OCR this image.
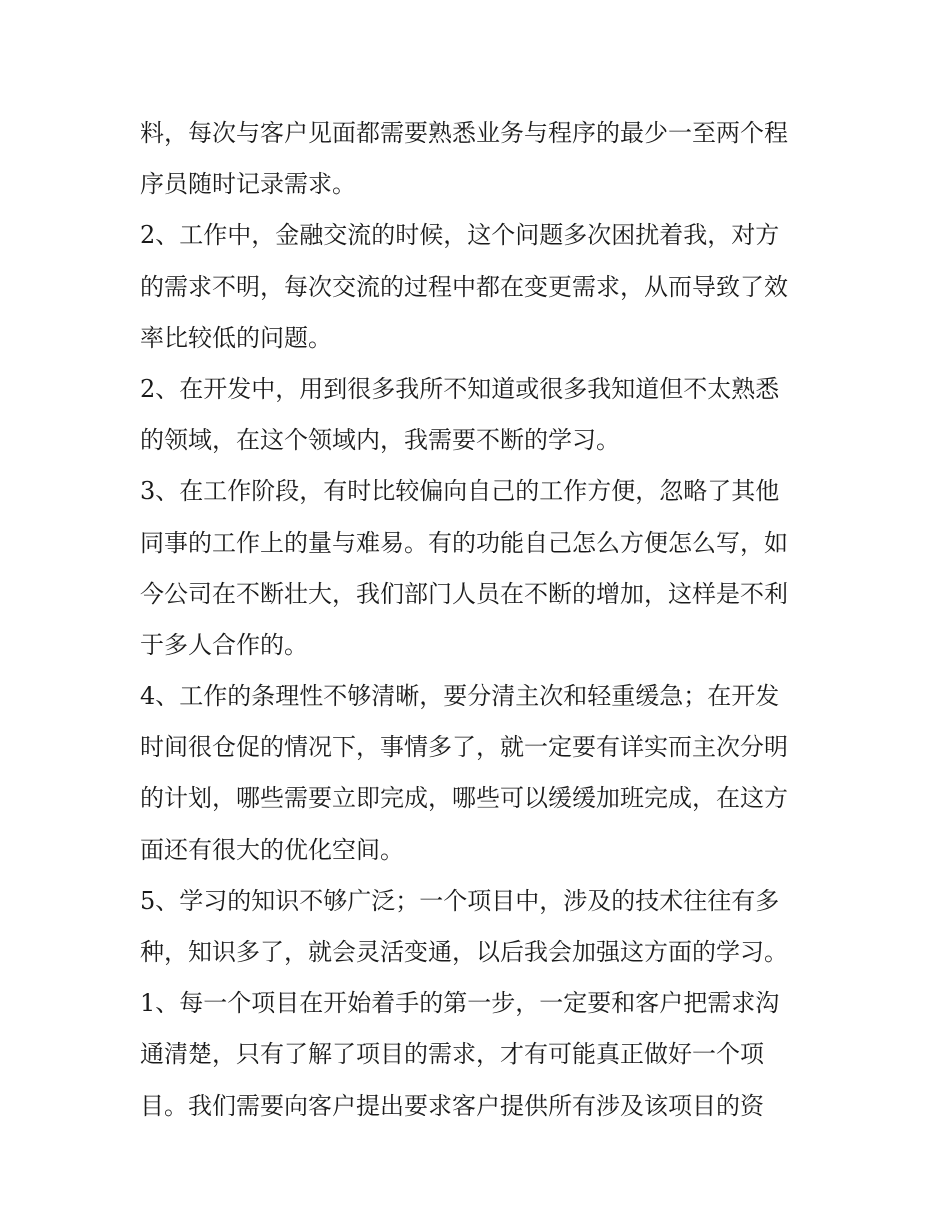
料，每次与客户见面都需要熟悉业务与程序的最少一至两个程
序员随时记录需求。
2、工作中，金融交流的时候，这个问题多次困扰着我，对方
的需求不明，每次交流的过程中都在变更需求，从而导致了效
率比较低的问题。
2、在开发中，用到很多我所不知道或很多我知道但不太熟悉
的领域，在这个领域内，我需要不断的学习。
3、在工作阶段，有时比较偏向自己的工作方便，忽略了其他
同事的工作上的量与难易。有的功能自己怎么方便怎么写，如
今公司在不断壮大，我们部门人员在不断的增加，这样是不利
于多人合作的。
4、工作的条理性不够清晰，要分清主次和轻重缓急；在开发
时间很仓促的情况下，事情多了，就一定要有详实而主次分明
的计划，哪些需要立即完成，哪些可以缓缓加班完成，在这方
面还有很大的优化空间。
5、学习的知识不够广泛；一个项目中，涉及的技术往往有多
种，知识多了，就会灵活变通，以后我会加强这方面的学习。
1、每一个项目在开始着手的第一步，一定要和客户把需求沟
通清楚，只有了解了项目的需求，才有可能真正做好一个项
目。我们需要向客户提出要求客户提供所有涉及该项目的资
